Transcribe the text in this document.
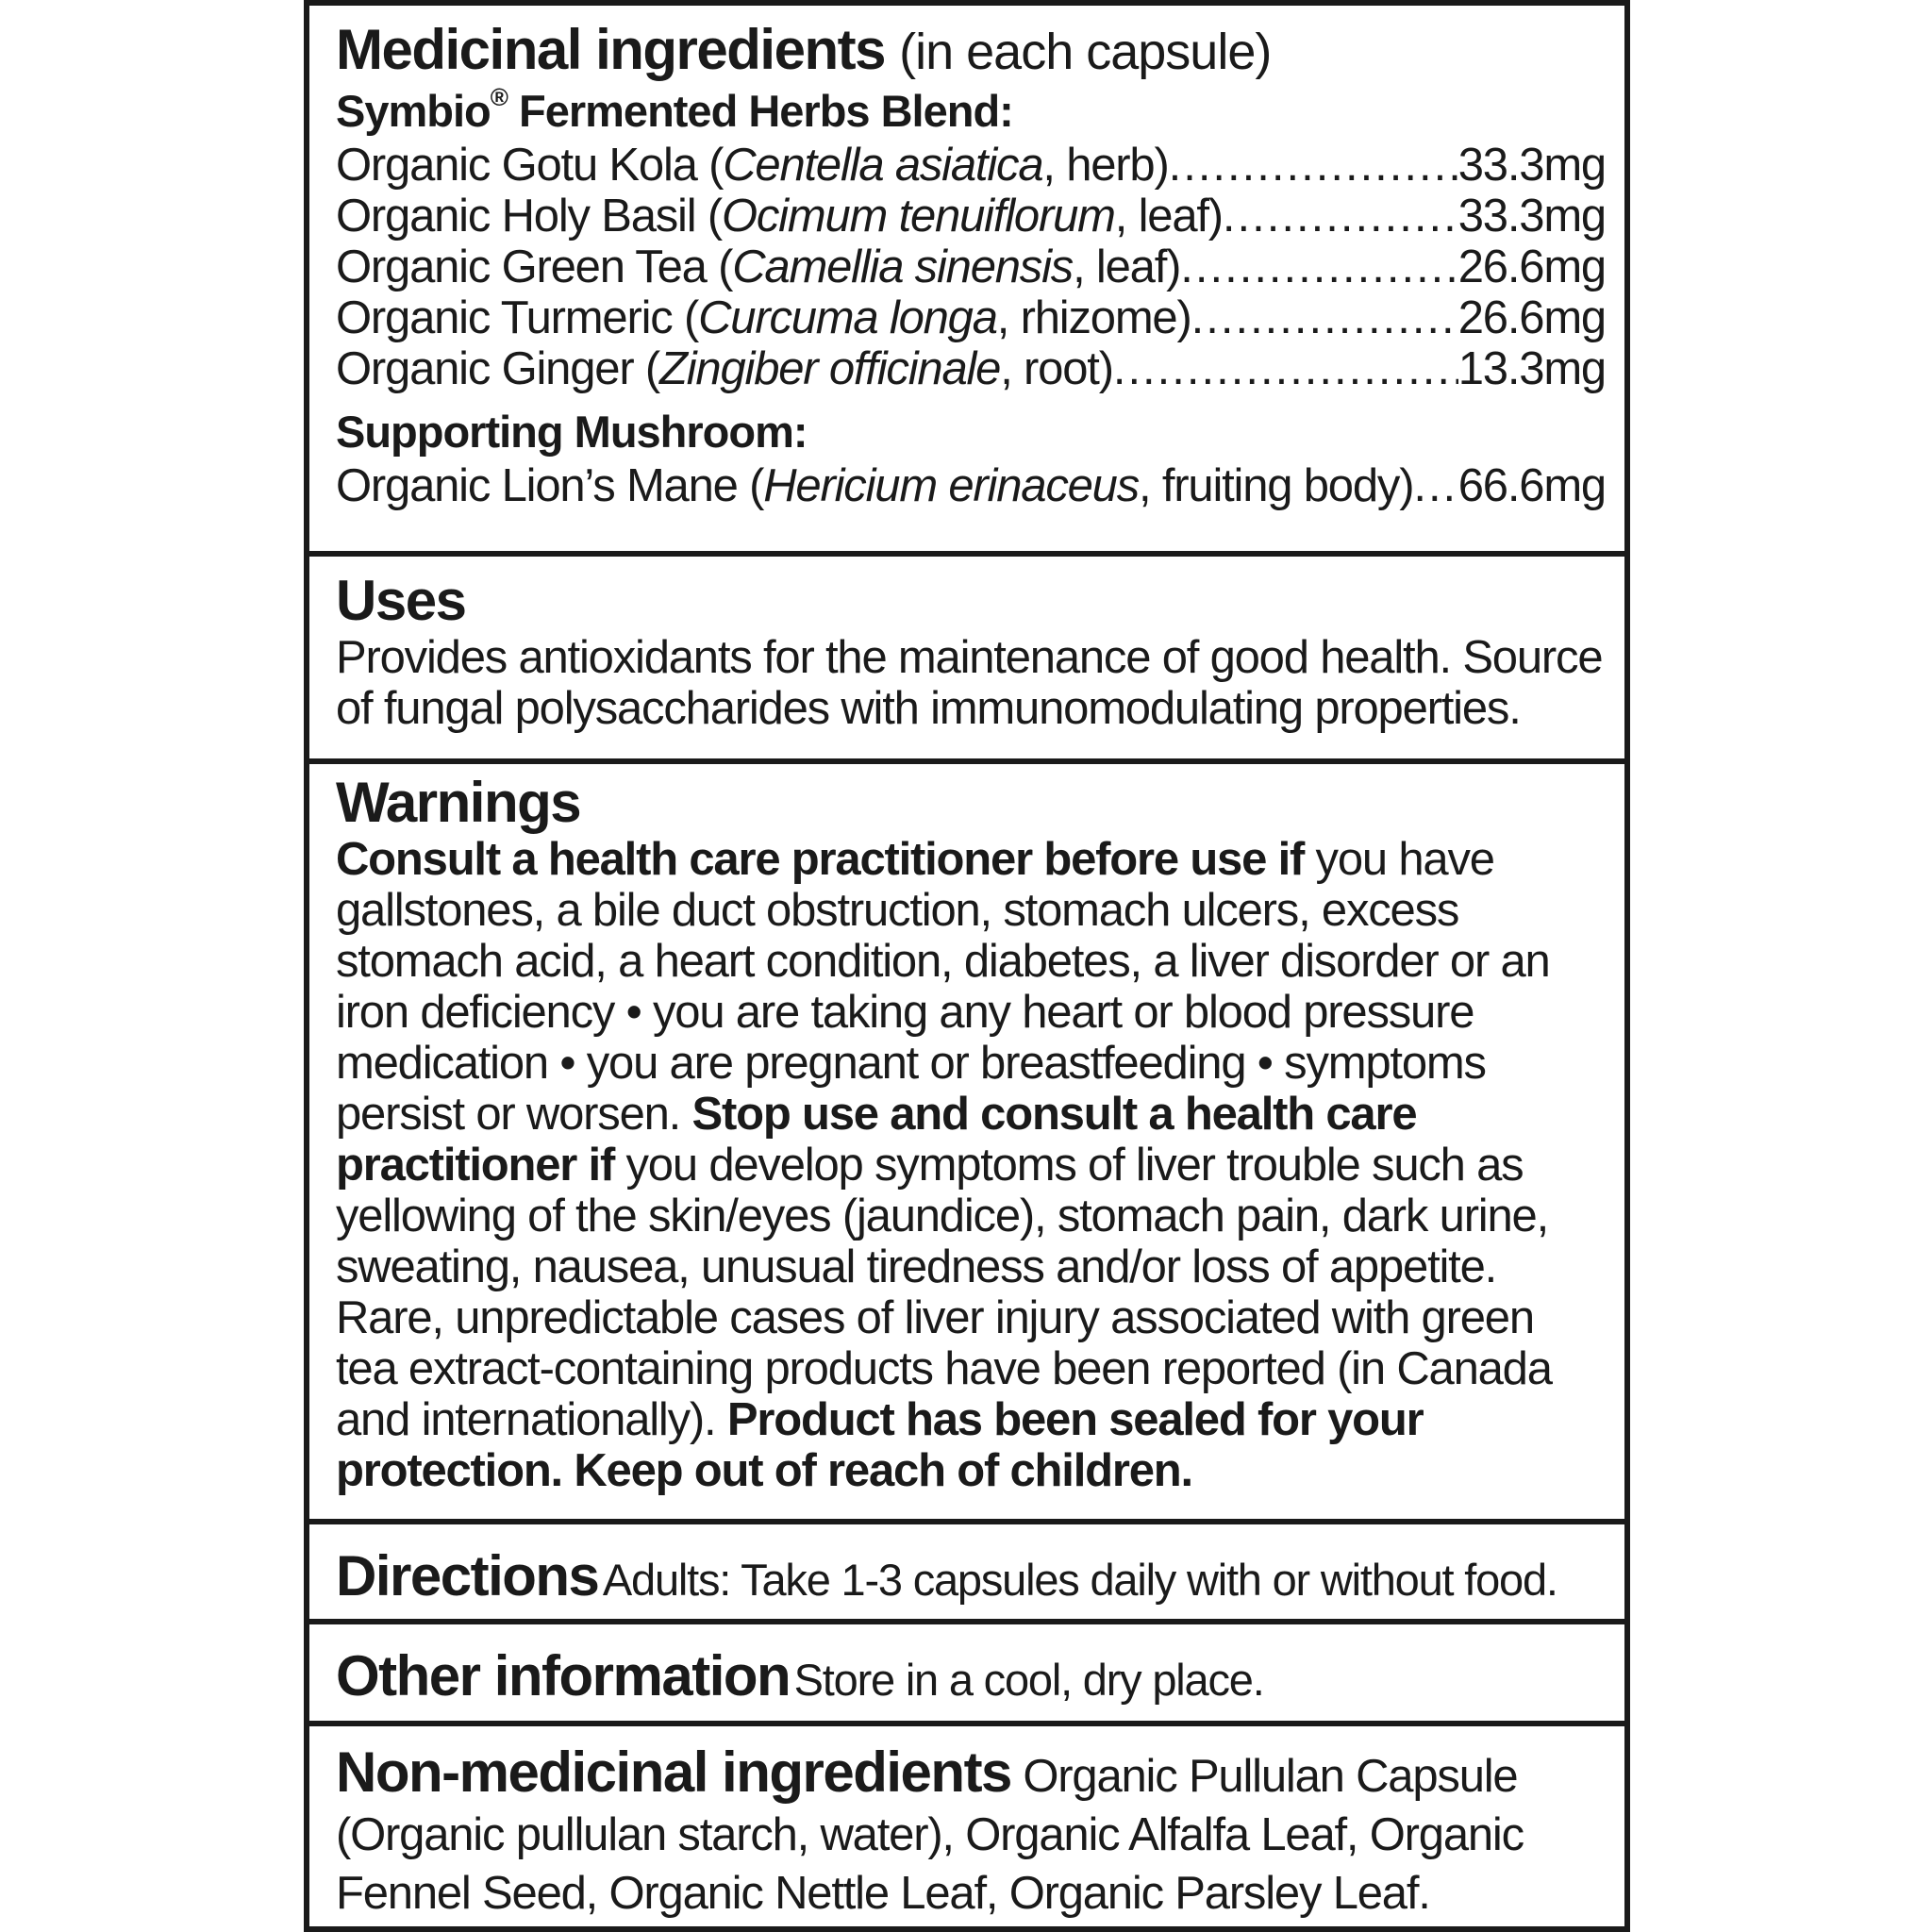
Medicinal ingredients (in each capsule)
Symbio® Fermented Herbs Blend:
Organic Gotu Kola (Centella asiatica, herb) .....	33.3mg
Organic Holy Basil (Ocimum tenuiflorum, leaf) .....	33.3mg
Organic Green Tea (Camellia sinensis, leaf) .....	26.6mg
Organic Turmeric (Curcuma longa, rhizome) .....	26.6mg
Organic Ginger (Zingiber officinale, root) .....	13.3mg
Supporting Mushroom:
Organic Lion’s Mane (Hericium erinaceus, fruiting body) ..... 66.6mg
Uses
Provides antioxidants for the maintenance of good health. Source of fungal polysaccharides with immunomodulating properties.
Warnings
Consult a health care practitioner before use if you have gallstones, a bile duct obstruction, stomach ulcers, excess stomach acid, a heart condition, diabetes, a liver disorder or an iron deficiency • you are taking any heart or blood pressure medication • you are pregnant or breastfeeding • symptoms persist or worsen. Stop use and consult a health care practitioner if you develop symptoms of liver trouble such as yellowing of the skin/eyes (jaundice), stomach pain, dark urine, sweating, nausea, unusual tiredness and/or loss of appetite. Rare, unpredictable cases of liver injury associated with green tea extract-containing products have been reported (in Canada and internationally). Product has been sealed for your protection. Keep out of reach of children.
Directions Adults: Take 1-3 capsules daily with or without food.
Other information Store in a cool, dry place.
Non-medicinal ingredients Organic Pullulan Capsule (Organic pullulan starch, water), Organic Alfalfa Leaf, Organic Fennel Seed, Organic Nettle Leaf, Organic Parsley Leaf.
